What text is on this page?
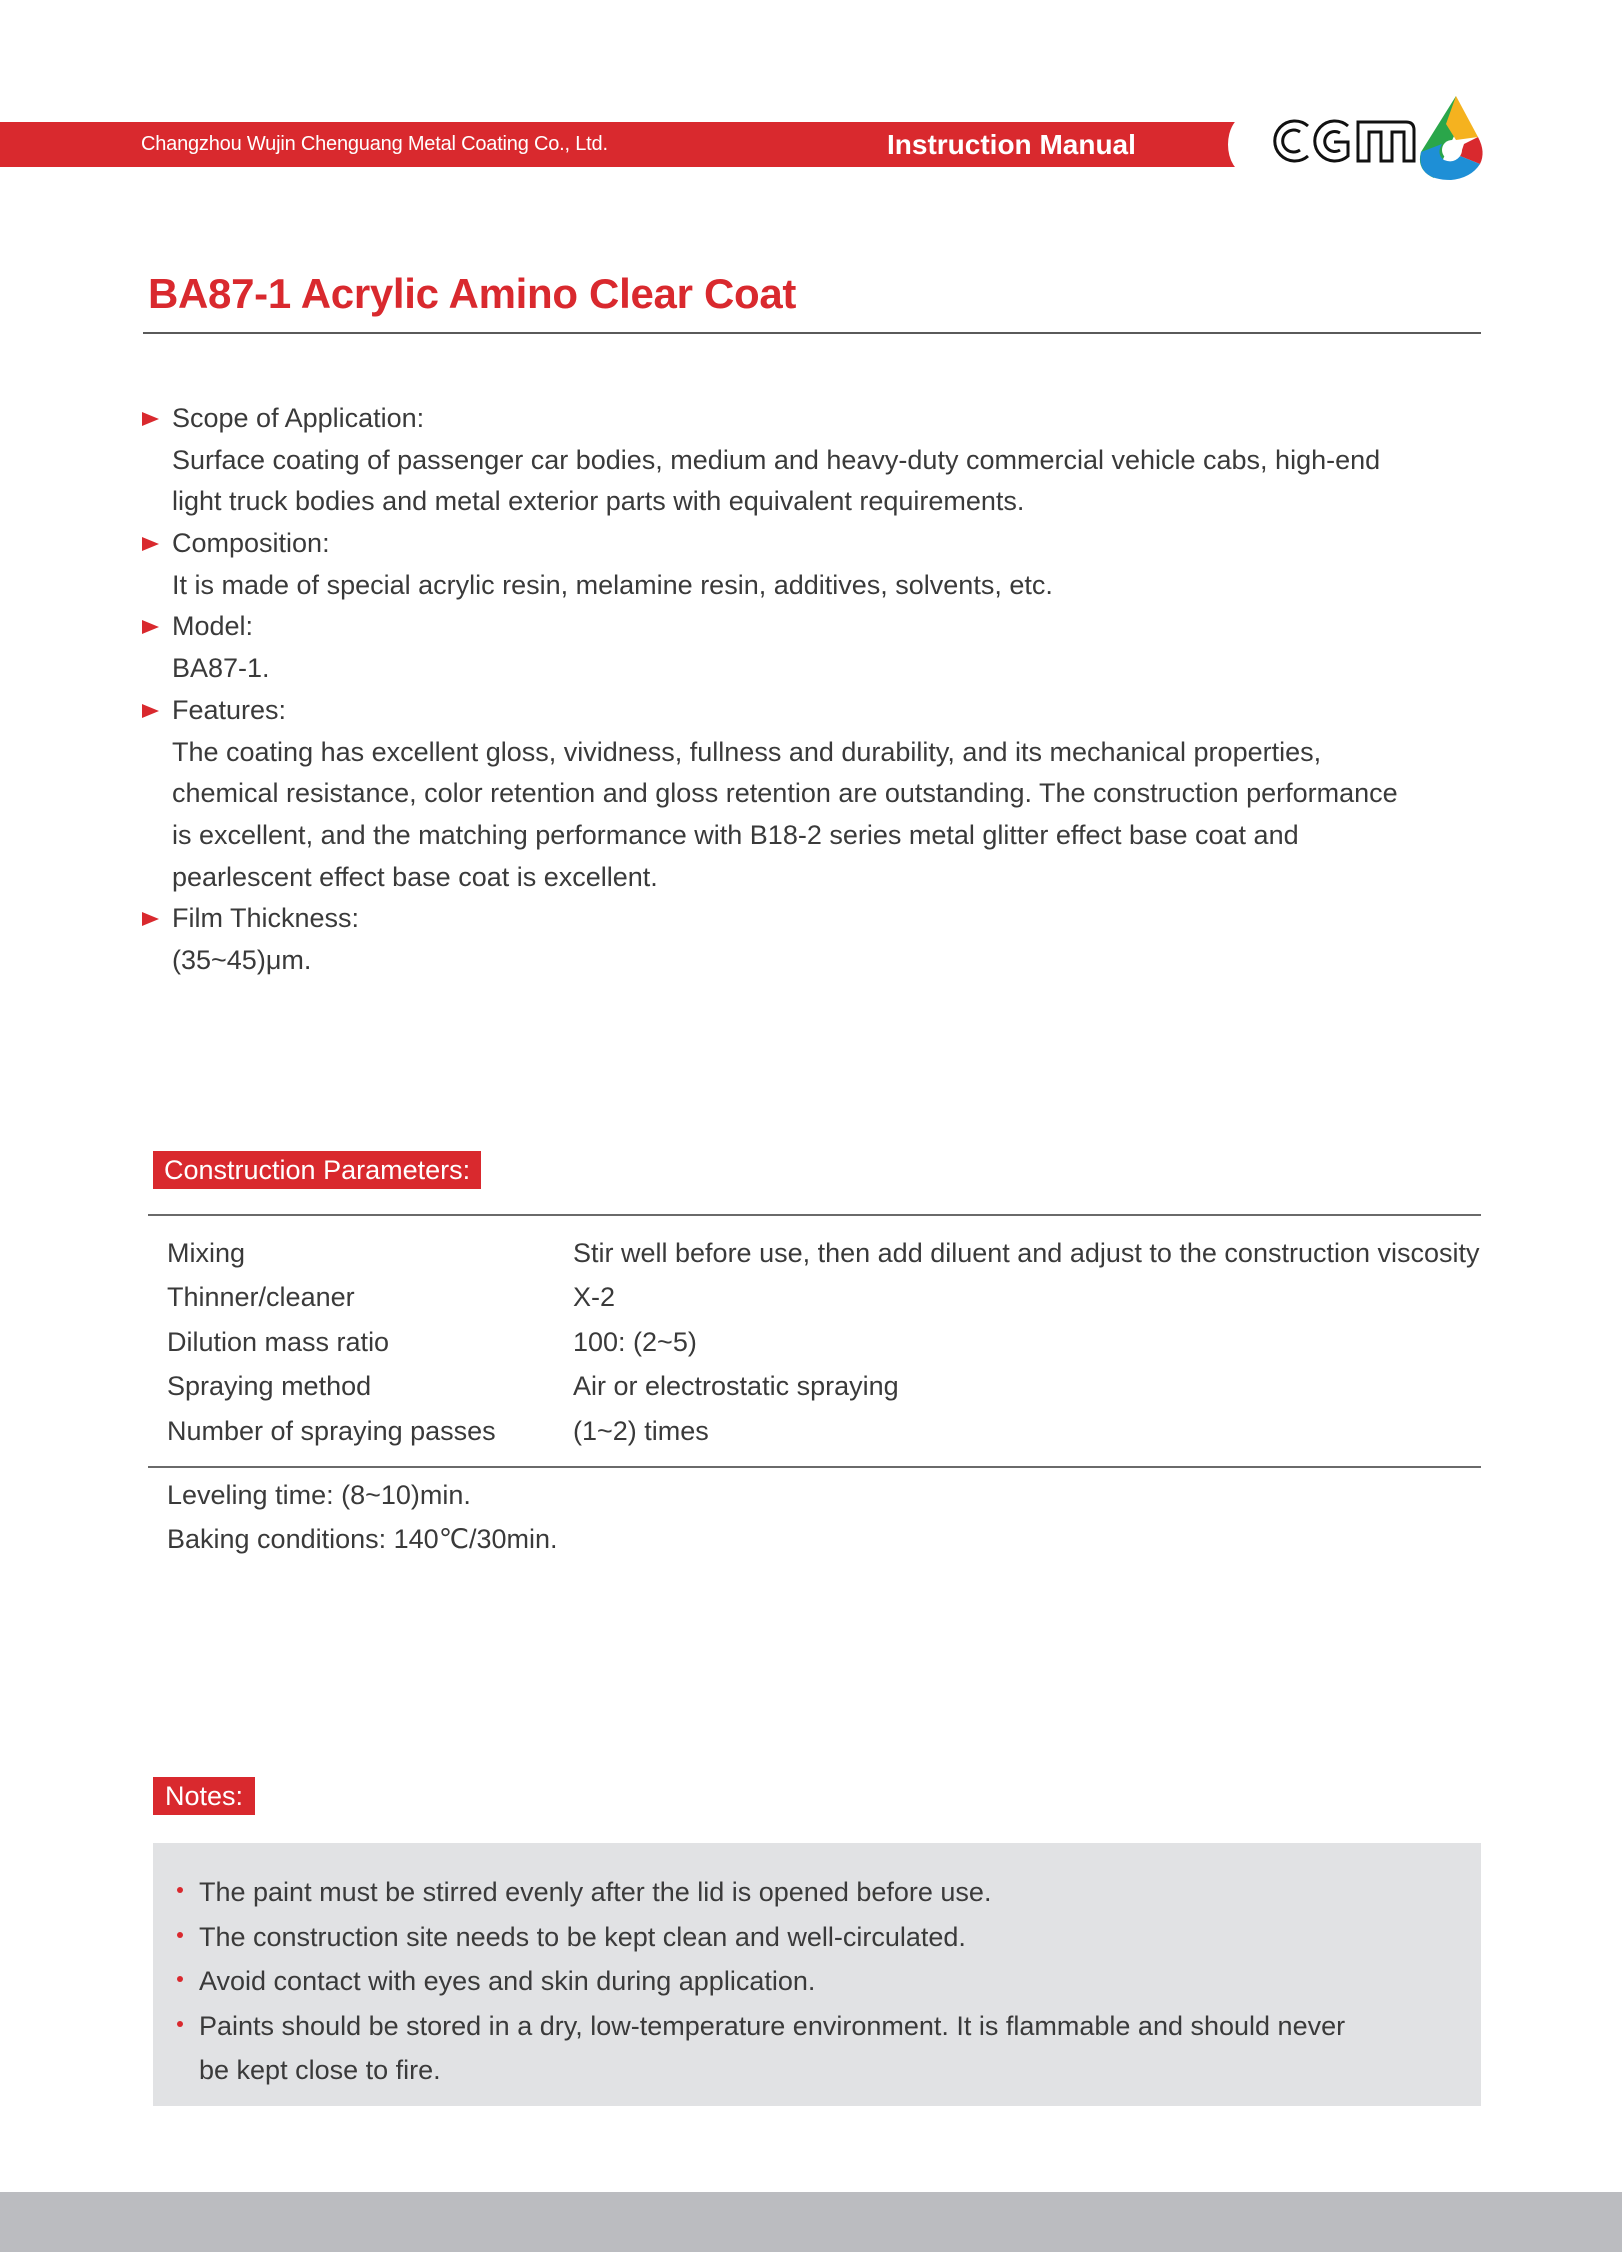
Changzhou Wujin Chenguang Metal Coating Co., Ltd.	Instruction Manual
BA87-1 Acrylic Amino Clear Coat
Scope of Application:
Surface coating of passenger car bodies, medium and heavy-duty commercial vehicle cabs, high-end
light truck bodies and metal exterior parts with equivalent requirements.
Composition:
It is made of special acrylic resin, melamine resin, additives, solvents, etc.
Model:
BA87-1.
Features:
The coating has excellent gloss, vividness, fullness and durability, and its mechanical properties,
chemical resistance, color retention and gloss retention are outstanding. The construction performance
is excellent, and the matching performance with B18-2 series metal glitter effect base coat and
pearlescent effect base coat is excellent.
Film Thickness:
(35~45)μm.
Construction Parameters:
Mixing	Stir well before use, then add diluent and adjust to the construction viscosity
Thinner/cleaner	X-2
Dilution mass ratio	100: (2~5)
Spraying method	Air or electrostatic spraying
Number of spraying passes	(1~2) times
Leveling time: (8~10)min.
Baking conditions: 140℃/30min.
Notes:
The paint must be stirred evenly after the lid is opened before use.
The construction site needs to be kept clean and well-circulated.
Avoid contact with eyes and skin during application.
Paints should be stored in a dry, low-temperature environment. It is flammable and should never
be kept close to fire.
